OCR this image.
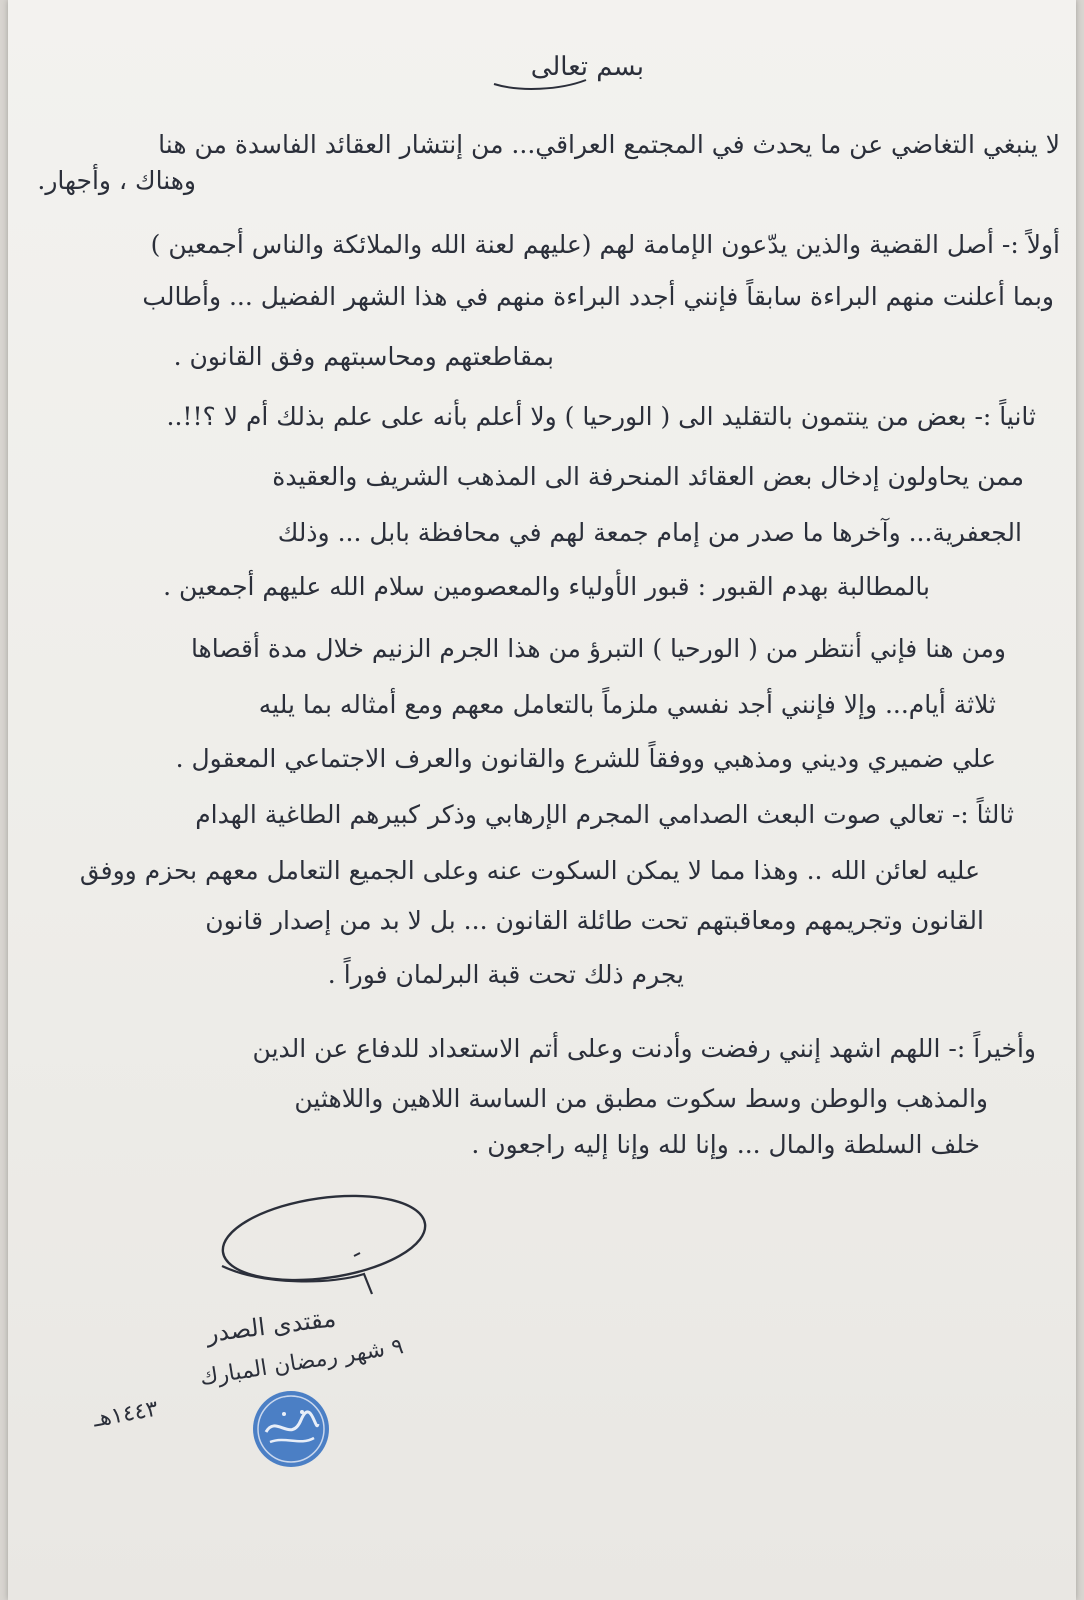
بسم تعالى
لا ينبغي التغاضي عن ما يحدث في المجتمع العراقي... من إنتشار العقائد الفاسدة من هنا
وهناك ، وأجهار.
أولاً :- أصل القضية والذين يدّعون الإمامة لهم (عليهم لعنة الله والملائكة والناس أجمعين )
وبما أعلنت منهم البراءة سابقاً فإنني أجدد البراءة منهم في هذا الشهر الفضيل ... وأطالب
بمقاطعتهم ومحاسبتهم وفق القانون .
ثانياً :- بعض من ينتمون بالتقليد الى ( الورحيا ) ولا أعلم بأنه على علم بذلك أم لا ؟!!..
ممن يحاولون إدخال بعض العقائد المنحرفة الى المذهب الشريف والعقيدة
الجعفرية... وآخرها ما صدر من إمام جمعة لهم في محافظة بابل ... وذلك
بالمطالبة بهدم القبور : قبور الأولياء والمعصومين سلام الله عليهم أجمعين .
ومن هنا فإني أنتظر من ( الورحيا ) التبرؤ من هذا الجرم الزنيم خلال مدة أقصاها
ثلاثة أيام... وإلا فإنني أجد نفسي ملزماً بالتعامل معهم ومع أمثاله بما يليه
علي ضميري وديني ومذهبي ووفقاً للشرع والقانون والعرف الاجتماعي المعقول .
ثالثاً :- تعالي صوت البعث الصدامي المجرم الإرهابي وذكر كبيرهم الطاغية الهدام
عليه لعائن الله .. وهذا مما لا يمكن السكوت عنه وعلى الجميع التعامل معهم بحزم ووفق
القانون وتجريمهم ومعاقبتهم تحت طائلة القانون ... بل لا بد من إصدار قانون
يجرم ذلك تحت قبة البرلمان فوراً .
وأخيراً :- اللهم اشهد إنني رفضت وأدنت وعلى أتم الاستعداد للدفاع عن الدين
والمذهب والوطن وسط سكوت مطبق من الساسة اللاهين واللاهثين
خلف السلطة والمال ... وإنا لله وإنا إليه راجعون .
مقتدى الصدر
٩ شهر رمضان المبارك
١٤٤٣هـ
